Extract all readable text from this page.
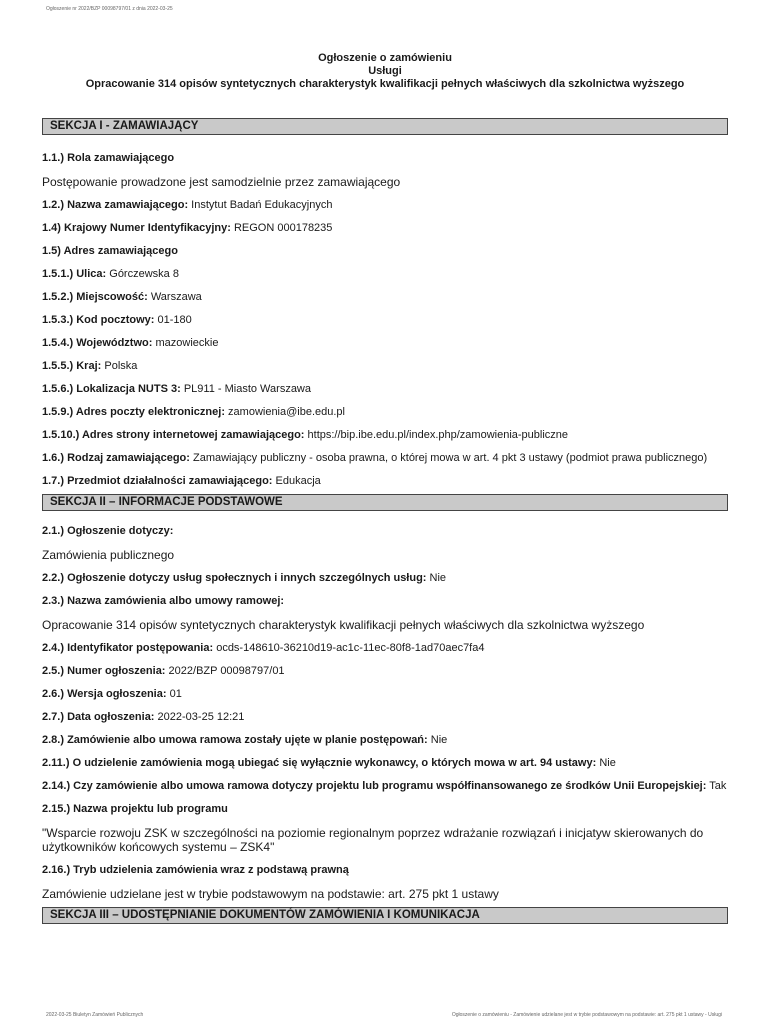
Ogłoszenie nr 2022/BZP 00098797/01 z dnia 2022-03-25
Ogłoszenie o zamówieniu
Usługi
Opracowanie 314 opisów syntetycznych charakterystyk kwalifikacji pełnych właściwych dla szkolnictwa wyższego
SEKCJA I - ZAMAWIAJĄCY
1.1.) Rola zamawiającego
Postępowanie prowadzone jest samodzielnie przez zamawiającego
1.2.) Nazwa zamawiającego: Instytut Badań Edukacyjnych
1.4) Krajowy Numer Identyfikacyjny: REGON 000178235
1.5) Adres zamawiającego
1.5.1.) Ulica: Górczewska 8
1.5.2.) Miejscowość: Warszawa
1.5.3.) Kod pocztowy: 01-180
1.5.4.) Województwo: mazowieckie
1.5.5.) Kraj: Polska
1.5.6.) Lokalizacja NUTS 3: PL911 - Miasto Warszawa
1.5.9.) Adres poczty elektronicznej: zamowienia@ibe.edu.pl
1.5.10.) Adres strony internetowej zamawiającego: https://bip.ibe.edu.pl/index.php/zamowienia-publiczne
1.6.) Rodzaj zamawiającego: Zamawiający publiczny - osoba prawna, o której mowa w art. 4 pkt 3 ustawy (podmiot prawa publicznego)
1.7.) Przedmiot działalności zamawiającego: Edukacja
SEKCJA II – INFORMACJE PODSTAWOWE
2.1.) Ogłoszenie dotyczy:
Zamówienia publicznego
2.2.) Ogłoszenie dotyczy usług społecznych i innych szczególnych usług: Nie
2.3.) Nazwa zamówienia albo umowy ramowej:
Opracowanie 314 opisów syntetycznych charakterystyk kwalifikacji pełnych właściwych dla szkolnictwa wyższego
2.4.) Identyfikator postępowania: ocds-148610-36210d19-ac1c-11ec-80f8-1ad70aec7fa4
2.5.) Numer ogłoszenia: 2022/BZP 00098797/01
2.6.) Wersja ogłoszenia: 01
2.7.) Data ogłoszenia: 2022-03-25 12:21
2.8.) Zamówienie albo umowa ramowa zostały ujęte w planie postępowań: Nie
2.11.) O udzielenie zamówienia mogą ubiegać się wyłącznie wykonawcy, o których mowa w art. 94 ustawy: Nie
2.14.) Czy zamówienie albo umowa ramowa dotyczy projektu lub programu współfinansowanego ze środków Unii Europejskiej: Tak
2.15.) Nazwa projektu lub programu
"Wsparcie rozwoju ZSK w szczególności na poziomie regionalnym poprzez wdrażanie rozwiązań i inicjatyw skierowanych do użytkowników końcowych systemu – ZSK4"
2.16.) Tryb udzielenia zamówienia wraz z podstawą prawną
Zamówienie udzielane jest w trybie podstawowym na podstawie: art. 275 pkt 1 ustawy
SEKCJA III – UDOSTĘPNIANIE DOKUMENTÓW ZAMÓWIENIA I KOMUNIKACJA
2022-03-25 Biuletyn Zamówień Publicznych	Ogłoszenie o zamówieniu - Zamówienie udzielane jest w trybie podstawowym na podstawie: art. 275 pkt 1 ustawy - Usługi
